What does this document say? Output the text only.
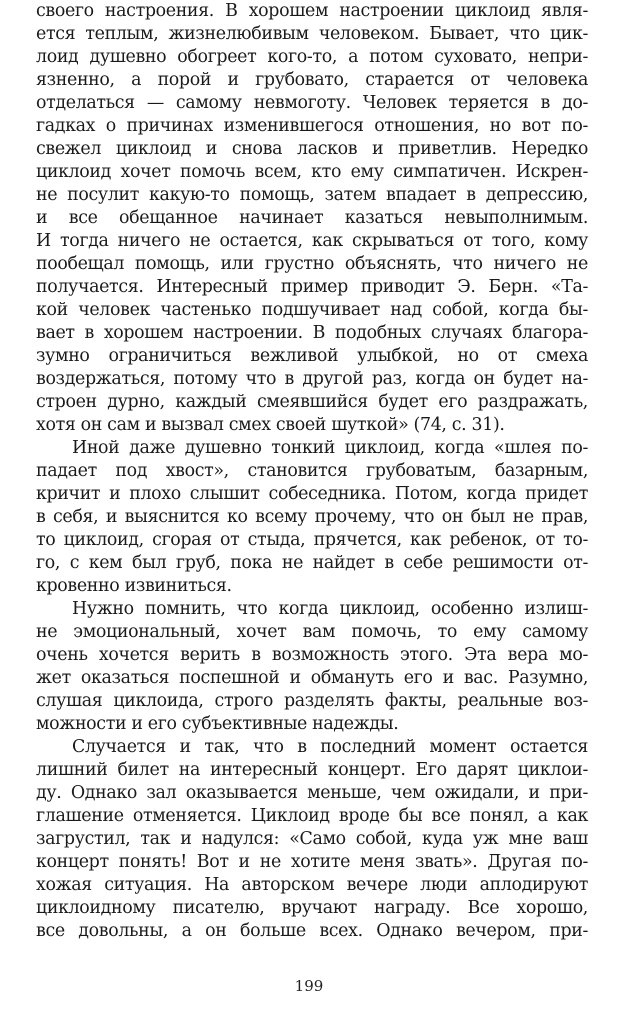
своего настроения. В хорошем настроении циклоид явля-
ется теплым, жизнелюбивым человеком. Бывает, что цик-
лоид душевно обогреет кого-то, а потом суховато, непри-
язненно, а порой и грубовато, старается от человека
отделаться — самому невмоготу. Человек теряется в до-
гадках о причинах изменившегося отношения, но вот по-
свежел циклоид и снова ласков и приветлив. Нередко
циклоид хочет помочь всем, кто ему симпатичен. Искрен-
не посулит какую-то помощь, затем впадает в депрессию,
и все обещанное начинает казаться невыполнимым.
И тогда ничего не остается, как скрываться от того, кому
пообещал помощь, или грустно объяснять, что ничего не
получается. Интересный пример приводит Э. Берн. «Та-
кой человек частенько подшучивает над собой, когда бы-
вает в хорошем настроении. В подобных случаях благора-
зумно ограничиться вежливой улыбкой, но от смеха
воздержаться, потому что в другой раз, когда он будет на-
строен дурно, каждый смеявшийся будет его раздражать,
хотя он сам и вызвал смех своей шуткой» (74, с. 31).
Иной даже душевно тонкий циклоид, когда «шлея по-
падает под хвост», становится грубоватым, базарным,
кричит и плохо слышит собеседника. Потом, когда придет
в себя, и выяснится ко всему прочему, что он был не прав,
то циклоид, сгорая от стыда, прячется, как ребенок, от то-
го, с кем был груб, пока не найдет в себе решимости от-
кровенно извиниться.
Нужно помнить, что когда циклоид, особенно излиш-
не эмоциональный, хочет вам помочь, то ему самому
очень хочется верить в возможность этого. Эта вера мо-
жет оказаться поспешной и обмануть его и вас. Разумно,
слушая циклоида, строго разделять факты, реальные воз-
можности и его субъективные надежды.
Случается и так, что в последний момент остается
лишний билет на интересный концерт. Его дарят циклои-
ду. Однако зал оказывается меньше, чем ожидали, и при-
глашение отменяется. Циклоид вроде бы все понял, а как
загрустил, так и надулся: «Само собой, куда уж мне ваш
концерт понять! Вот и не хотите меня звать». Другая по-
хожая ситуация. На авторском вечере люди аплодируют
циклоидному писателю, вручают награду. Все хорошо,
все довольны, а он больше всех. Однако вечером, при-
199
